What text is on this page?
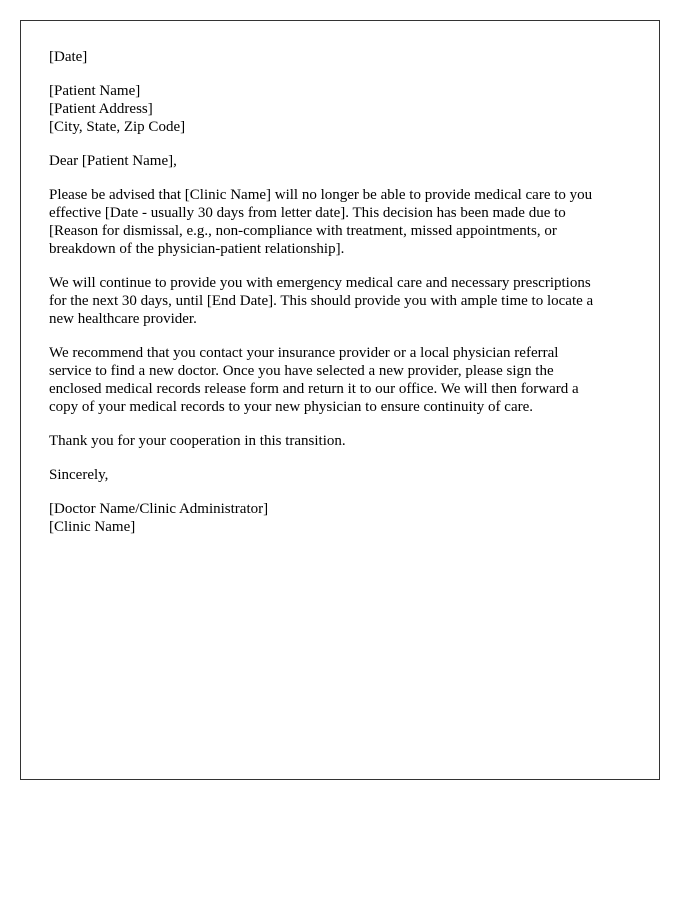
[Date]
[Patient Name]
[Patient Address]
[City, State, Zip Code]
Dear [Patient Name],
Please be advised that [Clinic Name] will no longer be able to provide medical care to you
effective [Date - usually 30 days from letter date]. This decision has been made due to
[Reason for dismissal, e.g., non-compliance with treatment, missed appointments, or
breakdown of the physician-patient relationship].
We will continue to provide you with emergency medical care and necessary prescriptions
for the next 30 days, until [End Date]. This should provide you with ample time to locate a
new healthcare provider.
We recommend that you contact your insurance provider or a local physician referral
service to find a new doctor. Once you have selected a new provider, please sign the
enclosed medical records release form and return it to our office. We will then forward a
copy of your medical records to your new physician to ensure continuity of care.
Thank you for your cooperation in this transition.
Sincerely,
[Doctor Name/Clinic Administrator]
[Clinic Name]
